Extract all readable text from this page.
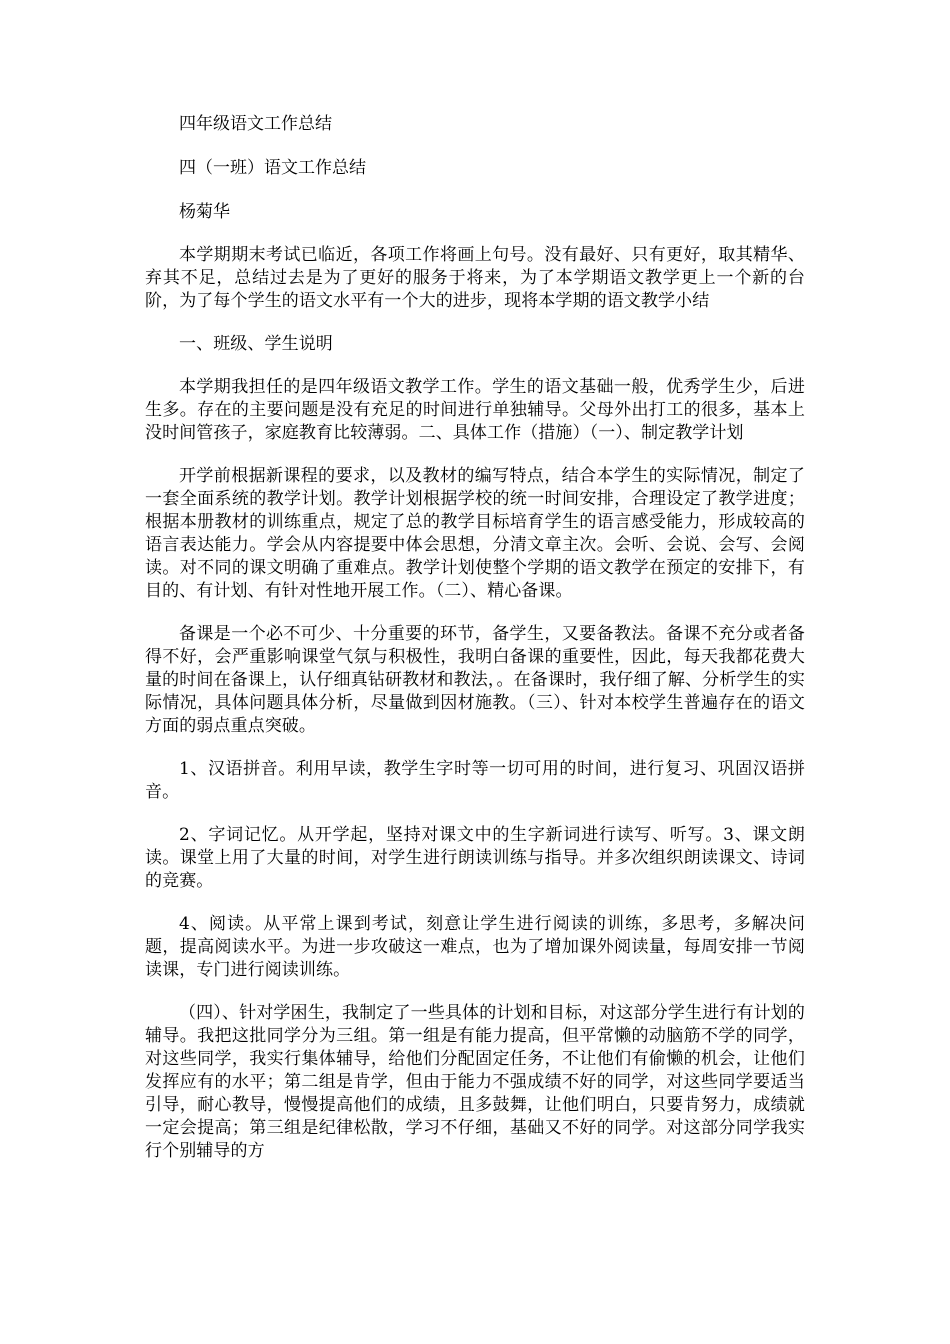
四年级语文工作总结
四（一班）语文工作总结
杨菊华

本学期期末考试已临近，各项工作将画上句号。没有最好、只有更好，取其精华、弃其不足，总结过去是为了更好的服务于将来，为了本学期语文教学更上一个新的台阶，为了每个学生的语文水平有一个大的进步，现将本学期的语文教学小结

一、班级、学生说明

本学期我担任的是四年级语文教学工作。学生的语文基础一般，优秀学生少，后进生多。存在的主要问题是没有充足的时间进行单独辅导。父母外出打工的很多，基本上没时间管孩子，家庭教育比较薄弱。二、具体工作（措施）（一）、制定教学计划

开学前根据新课程的要求，以及教材的编写特点，结合本学生的实际情况，制定了一套全面系统的教学计划。教学计划根据学校的统一时间安排，合理设定了教学进度；根据本册教材的训练重点，规定了总的教学目标培育学生的语言感受能力，形成较高的语言表达能力。学会从内容提要中体会思想，分清文章主次。会听、会说、会写、会阅读。对不同的课文明确了重难点。教学计划使整个学期的语文教学在预定的安排下，有目的、有计划、有针对性地开展工作。（二）、精心备课。

备课是一个必不可少、十分重要的环节，备学生，又要备教法。备课不充分或者备得不好，会严重影响课堂气氛与积极性，我明白备课的重要性，因此，每天我都花费大量的时间在备课上，认仔细真钻研教材和教法，。在备课时，我仔细了解、分析学生的实际情况，具体问题具体分析，尽量做到因材施教。（三）、针对本校学生普遍存在的语文方面的弱点重点突破。

1、汉语拼音。利用早读，教学生字时等一切可用的时间，进行复习、巩固汉语拼音。

2、字词记忆。从开学起，坚持对课文中的生字新词进行读写、听写。3、课文朗读。课堂上用了大量的时间，对学生进行朗读训练与指导。并多次组织朗读课文、诗词的竞赛。

4、阅读。从平常上课到考试，刻意让学生进行阅读的训练，多思考，多解决问题，提高阅读水平。为进一步攻破这一难点，也为了增加课外阅读量，每周安排一节阅读课，专门进行阅读训练。

（四）、针对学困生，我制定了一些具体的计划和目标，对这部分学生进行有计划的辅导。我把这批同学分为三组。第一组是有能力提高，但平常懒的动脑筋不学的同学，对这些同学，我实行集体辅导，给他们分配固定任务，不让他们有偷懒的机会，让他们发挥应有的水平；第二组是肯学，但由于能力不强成绩不好的同学，对这些同学要适当引导，耐心教导，慢慢提高他们的成绩，且多鼓舞，让他们明白，只要肯努力，成绩就一定会提高；第三组是纪律松散，学习不仔细，基础又不好的同学。对这部分同学我实行个别辅导的方
